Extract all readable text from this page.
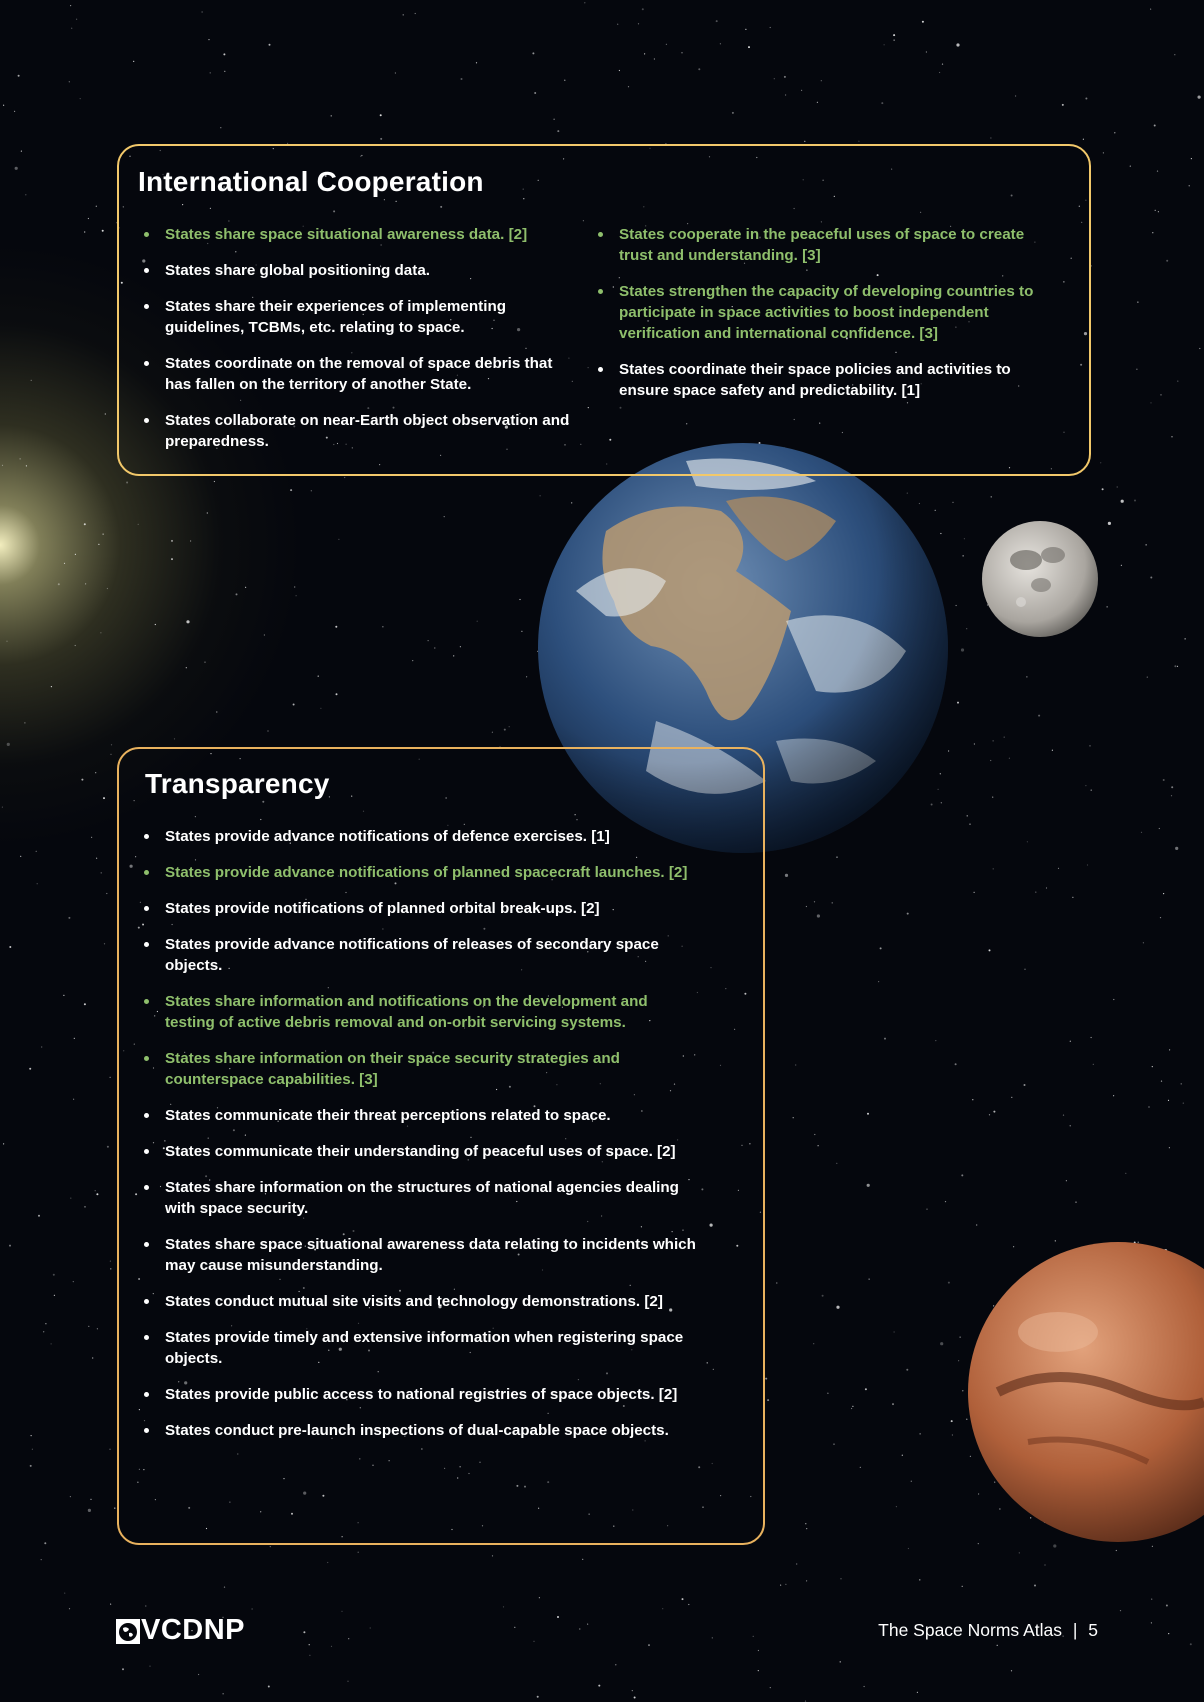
International Cooperation
States share space situational awareness data. [2]
States share global positioning data.
States share their experiences of implementing guidelines, TCBMs, etc. relating to space.
States coordinate on the removal of space debris that has fallen on the territory of another State.
States collaborate on near-Earth object observation and preparedness.
States cooperate in the peaceful uses of space to create trust and understanding. [3]
States strengthen the capacity of developing countries to participate in space activities to boost independent verification and international confidence. [3]
States coordinate their space policies and activities to ensure space safety and predictability. [1]
Transparency
States provide advance notifications of defence exercises. [1]
States provide advance notifications of planned spacecraft launches. [2]
States provide notifications of planned orbital break-ups. [2]
States provide advance notifications of releases of secondary space objects.
States share information and notifications on the development and testing of active debris removal and on-orbit servicing systems.
States share information on their space security strategies and counterspace capabilities. [3]
States communicate their threat perceptions related to space.
States communicate their understanding of peaceful uses of space. [2]
States share information on the structures of national agencies dealing with space security.
States share space situational awareness data relating to incidents which may cause misunderstanding.
States conduct mutual site visits and technology demonstrations. [2]
States provide timely and extensive information when registering space objects.
States provide public access to national registries of space objects. [2]
States conduct pre-launch inspections of dual-capable space objects.
VCDNP	The Space Norms Atlas | 5
